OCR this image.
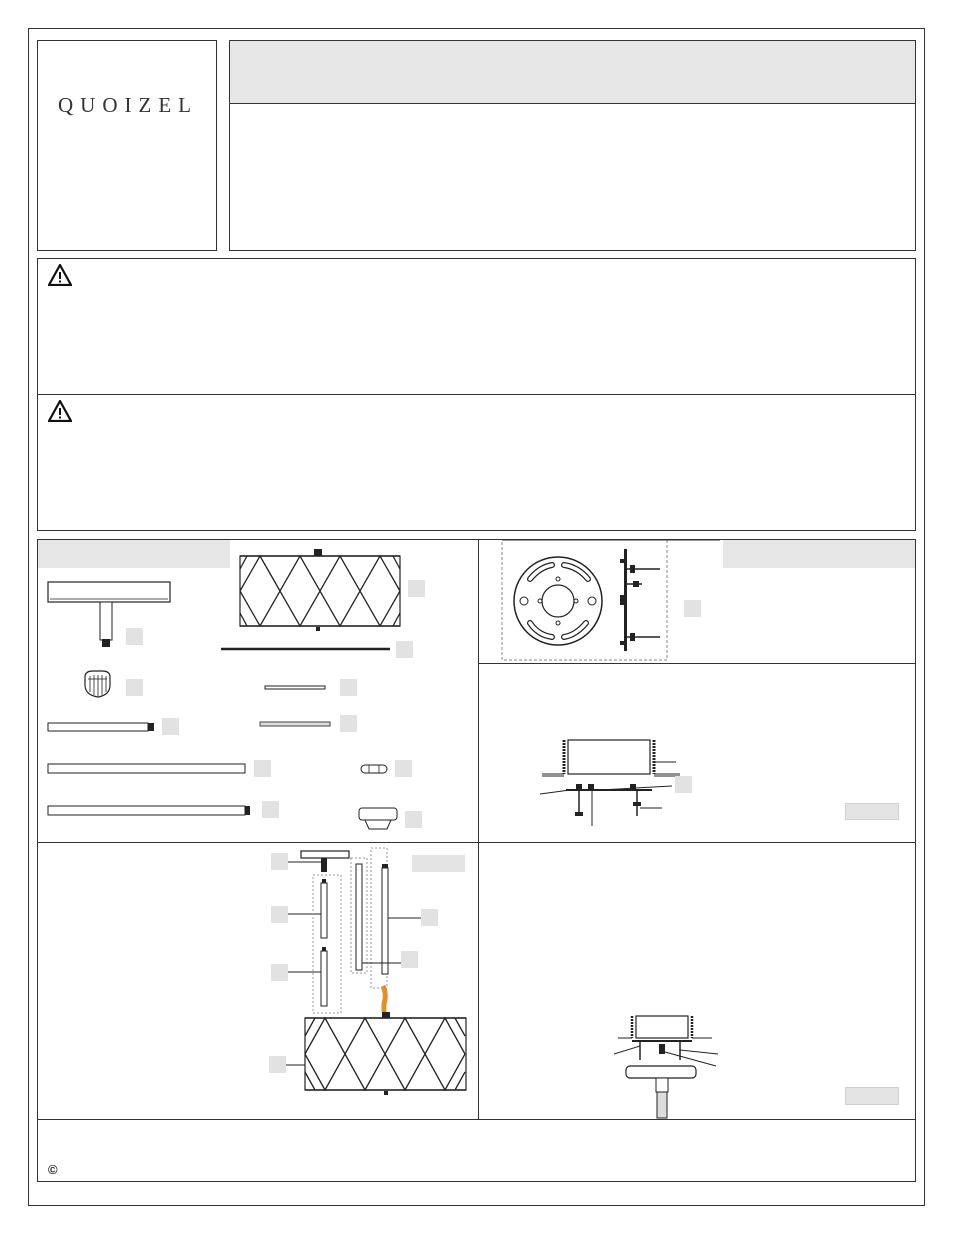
QUOIZEL
©
